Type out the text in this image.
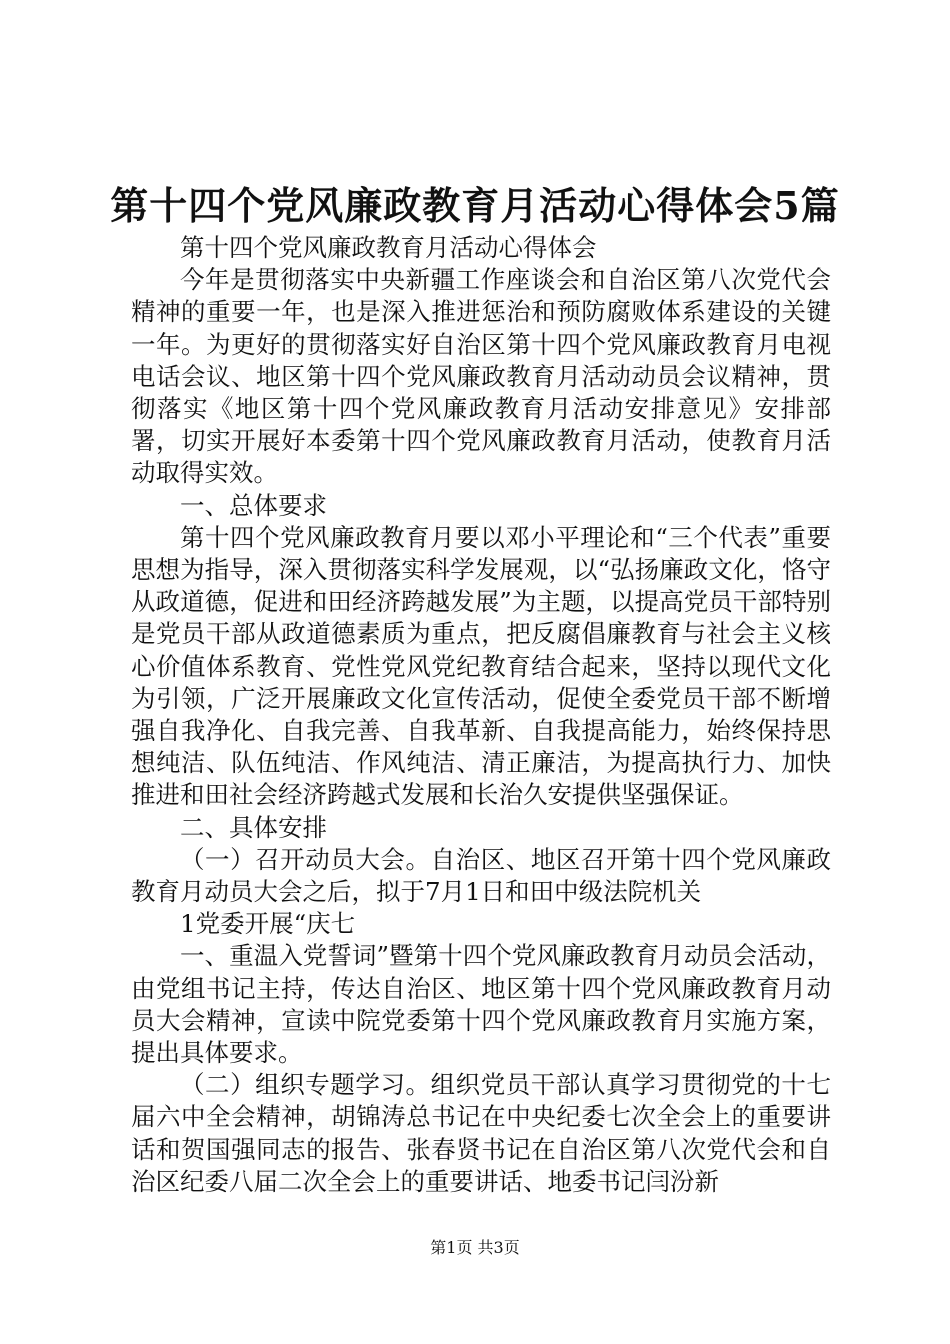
第十四个党风廉政教育月活动心得体会5篇

第十四个党风廉政教育月活动心得体会

今年是贯彻落实中央新疆工作座谈会和自治区第八次党代会精神的重要一年，也是深入推进惩治和预防腐败体系建设的关键一年。为更好的贯彻落实好自治区第十四个党风廉政教育月电视电话会议、地区第十四个党风廉政教育月活动动员会议精神，贯彻落实《地区第十四个党风廉政教育月活动安排意见》安排部署，切实开展好本委第十四个党风廉政教育月活动，使教育月活动取得实效。

一、总体要求

第十四个党风廉政教育月要以邓小平理论和“三个代表”重要思想为指导，深入贯彻落实科学发展观，以“弘扬廉政文化，恪守从政道德，促进和田经济跨越发展”为主题，以提高党员干部特别是党员干部从政道德素质为重点，把反腐倡廉教育与社会主义核心价值体系教育、党性党风党纪教育结合起来，坚持以现代文化为引领，广泛开展廉政文化宣传活动，促使全委党员干部不断增强自我净化、自我完善、自我革新、自我提高能力，始终保持思想纯洁、队伍纯洁、作风纯洁、清正廉洁，为提高执行力、加快推进和田社会经济跨越式发展和长治久安提供坚强保证。

二、具体安排

（一）召开动员大会。自治区、地区召开第十四个党风廉政教育月动员大会之后，拟于7月1日和田中级法院机关

1党委开展“庆七

一、重温入党誓词”暨第十四个党风廉政教育月动员会活动，由党组书记主持，传达自治区、地区第十四个党风廉政教育月动员大会精神，宣读中院党委第十四个党风廉政教育月实施方案，提出具体要求。

（二）组织专题学习。组织党员干部认真学习贯彻党的十七届六中全会精神，胡锦涛总书记在中央纪委七次全会上的重要讲话和贺国强同志的报告、张春贤书记在自治区第八次党代会和自治区纪委八届二次全会上的重要讲话、地委书记闫汾新

第1页 共3页
